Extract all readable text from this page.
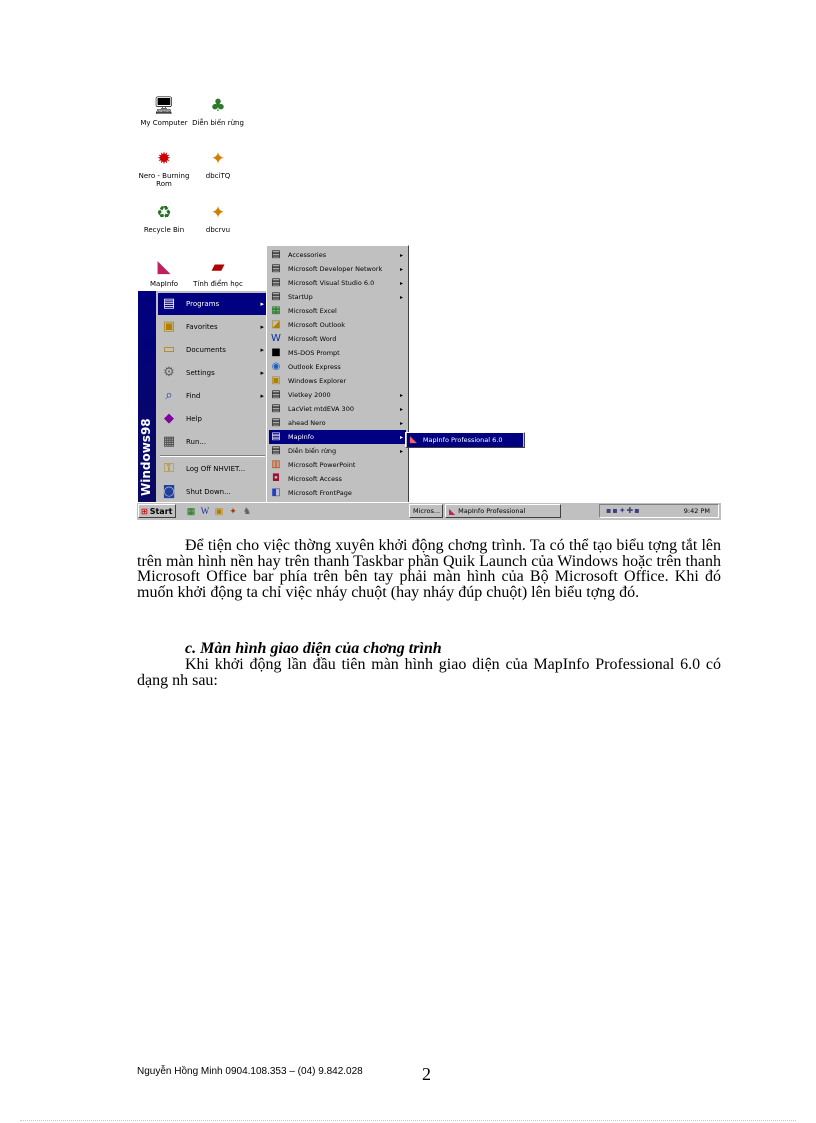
🖥
My Computer
♣
Diễn biến rừng
✹
Nero - Burning Rom
✦
dbciTQ
♻
Recycle Bin
✦
dbcrvu
◣
MapInfo
▰
Tính điểm học
Windows98
▤ Programs	▸
▣ Favorites	▸
▭ Documents	▸
⚙	Settings	▸
⌕	Find	▸
◆	Help
▦ Run...
⚿	Log Off NHVIET...
◙ Shut Down...
▤ Accessories	▸
▤ Microsoft Developer Network	▸
▤ Microsoft Visual Studio 6.0	▸
▤ StartUp	▸
▦ Microsoft Excel
◪ Microsoft Outlook
W Microsoft Word
■ MS-DOS Prompt
◉ Outlook Express
▣ Windows Explorer
▤ Vietkey 2000	▸
▤ LacViet mtdEVA 300	▸
▤ ahead Nero	▸
▤ MapInfo	▸
▤ Diễn biến rừng	▸
▥ Microsoft PowerPoint
◘	Microsoft Access
◧ Microsoft FrontPage
◣ MapInfo Professional 6.0
⊞ Start ▦ W ▣ ✦ ♞	Micros... ◣ MapInfo Professional	▪▪✦✚▪	9:42 PM

Để tiện cho việc thờng xuyên khởi động chơng trình. Ta có thể tạo biểu tợng tắt lên trên màn hình nền hay trên thanh Taskbar phần Quik Launch của Windows hoặc trên thanh Microsoft Office bar phía trên bên tay phải màn hình của Bộ Microsoft Office. Khi đó muốn khởi động ta chỉ việc nháy chuột (hay nháy đúp chuột) lên biểu tợng đó.

c. Màn hình giao diện của chơng trình

Khi khởi động lần đầu tiên màn hình giao diện của MapInfo Professional 6.0 có dạng nh sau:

Nguyễn Hồng Minh 0904.108.353 – (04) 9.842.028	2
